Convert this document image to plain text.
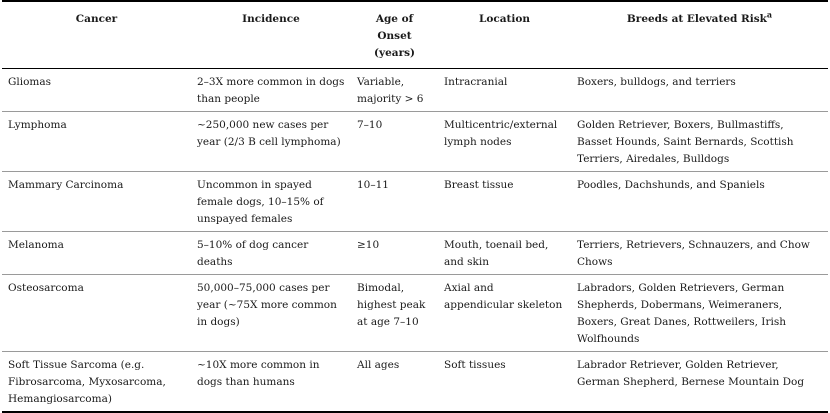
Cancer	Incidence	Age of Onset (years)	Location	Breeds at Elevated Risk$^a$
Gliomas	2–3X more common in dogs than people	Variable, majority > 6	Intracranial	Boxers, bulldogs, and terriers
Lymphoma	~250,000 new cases per year (2/3 B cell lymphoma)	7–10	Multicentric/external lymph nodes	Golden Retriever, Boxers, Bullmastiffs, Basset Hounds, Saint Bernards, Scottish Terriers, Airedales, Bulldogs
Mammary Carcinoma	Uncommon in spayed female dogs, 10–15% of unspayed females	10–11	Breast tissue	Poodles, Dachshunds, and Spaniels
Melanoma	5–10% of dog cancer deaths	≥10	Mouth, toenail bed, and skin	Terriers, Retrievers, Schnauzers, and Chow Chows
Osteosarcoma	50,000–75,000 cases per year (~75X more common in dogs)	Bimodal, highest peak at age 7–10	Axial and appendicular skeleton	Labradors, Golden Retrievers, German Shepherds, Dobermans, Weimeraners, Boxers, Great Danes, Rottweilers, Irish Wolfhounds
Soft Tissue Sarcoma (e.g. Fibrosarcoma, Myxosarcoma, Hemangiosarcoma)	~10X more common in dogs than humans	All ages	Soft tissues	Labrador Retriever, Golden Retriever, German Shepherd, Bernese Mountain Dog
